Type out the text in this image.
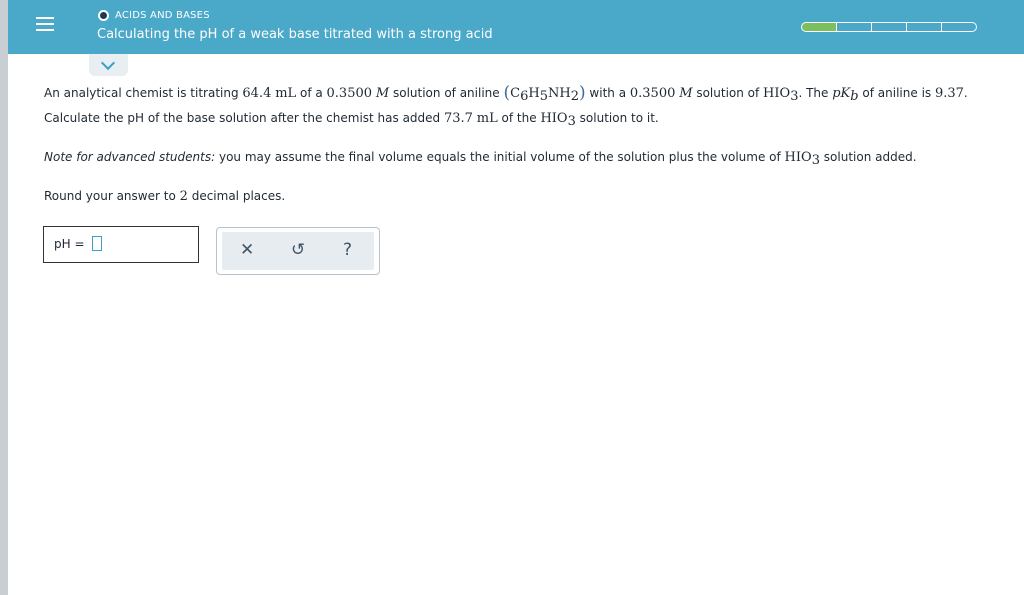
ACIDS AND BASES
Calculating the pH of a weak base titrated with a strong acid
An analytical chemist is titrating 64.4 mL of a 0.3500 M solution of aniline $(C_6H_5NH_2)$ with a 0.3500 M solution of $HIO_3$. The $pK_b$ of aniline is 9.37.
Calculate the pH of the base solution after the chemist has added 73.7 mL of the $HIO_3$ solution to it.
Note for advanced students: you may assume the final volume equals the initial volume of the solution plus the volume of $HIO_3$ solution added.
Round your answer to 2 decimal places.
pH =	✕ ↺ ?
